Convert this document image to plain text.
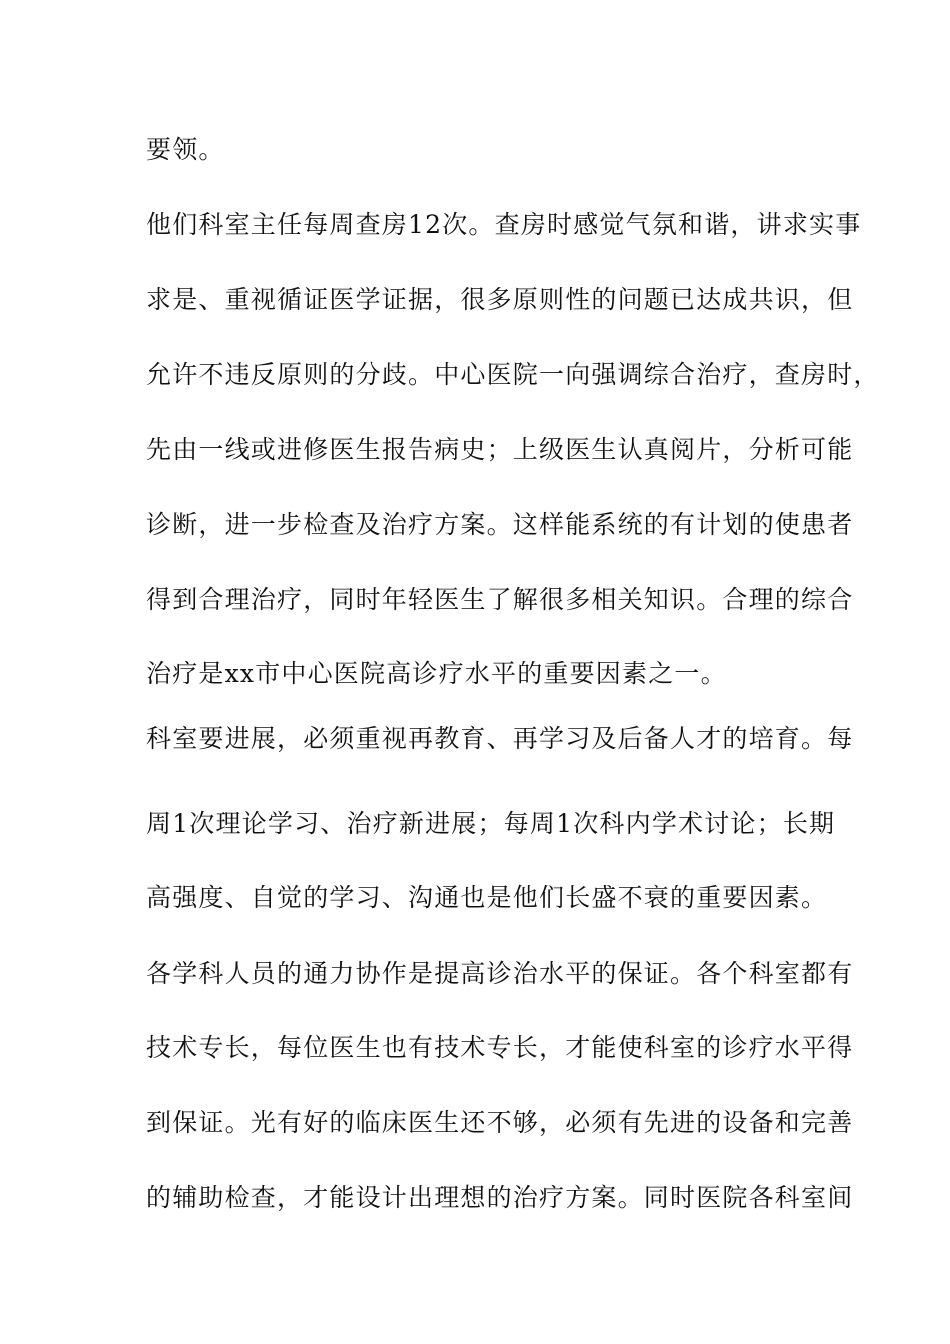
要领。
他们科室主任每周查房12次。查房时感觉气氛和谐，讲求实事
求是、重视循证医学证据，很多原则性的问题已达成共识，但
允许不违反原则的分歧。中心医院一向强调综合治疗，查房时，
先由一线或进修医生报告病史；上级医生认真阅片，分析可能
诊断，进一步检查及治疗方案。这样能系统的有计划的使患者
得到合理治疗，同时年轻医生了解很多相关知识。合理的综合
治疗是xx市中心医院高诊疗水平的重要因素之一。
科室要进展，必须重视再教育、再学习及后备人才的培育。每
周1次理论学习、治疗新进展；每周1次科内学术讨论；长期
高强度、自觉的学习、沟通也是他们长盛不衰的重要因素。
各学科人员的通力协作是提高诊治水平的保证。各个科室都有
技术专长，每位医生也有技术专长，才能使科室的诊疗水平得
到保证。光有好的临床医生还不够，必须有先进的设备和完善
的辅助检查，才能设计出理想的治疗方案。同时医院各科室间
